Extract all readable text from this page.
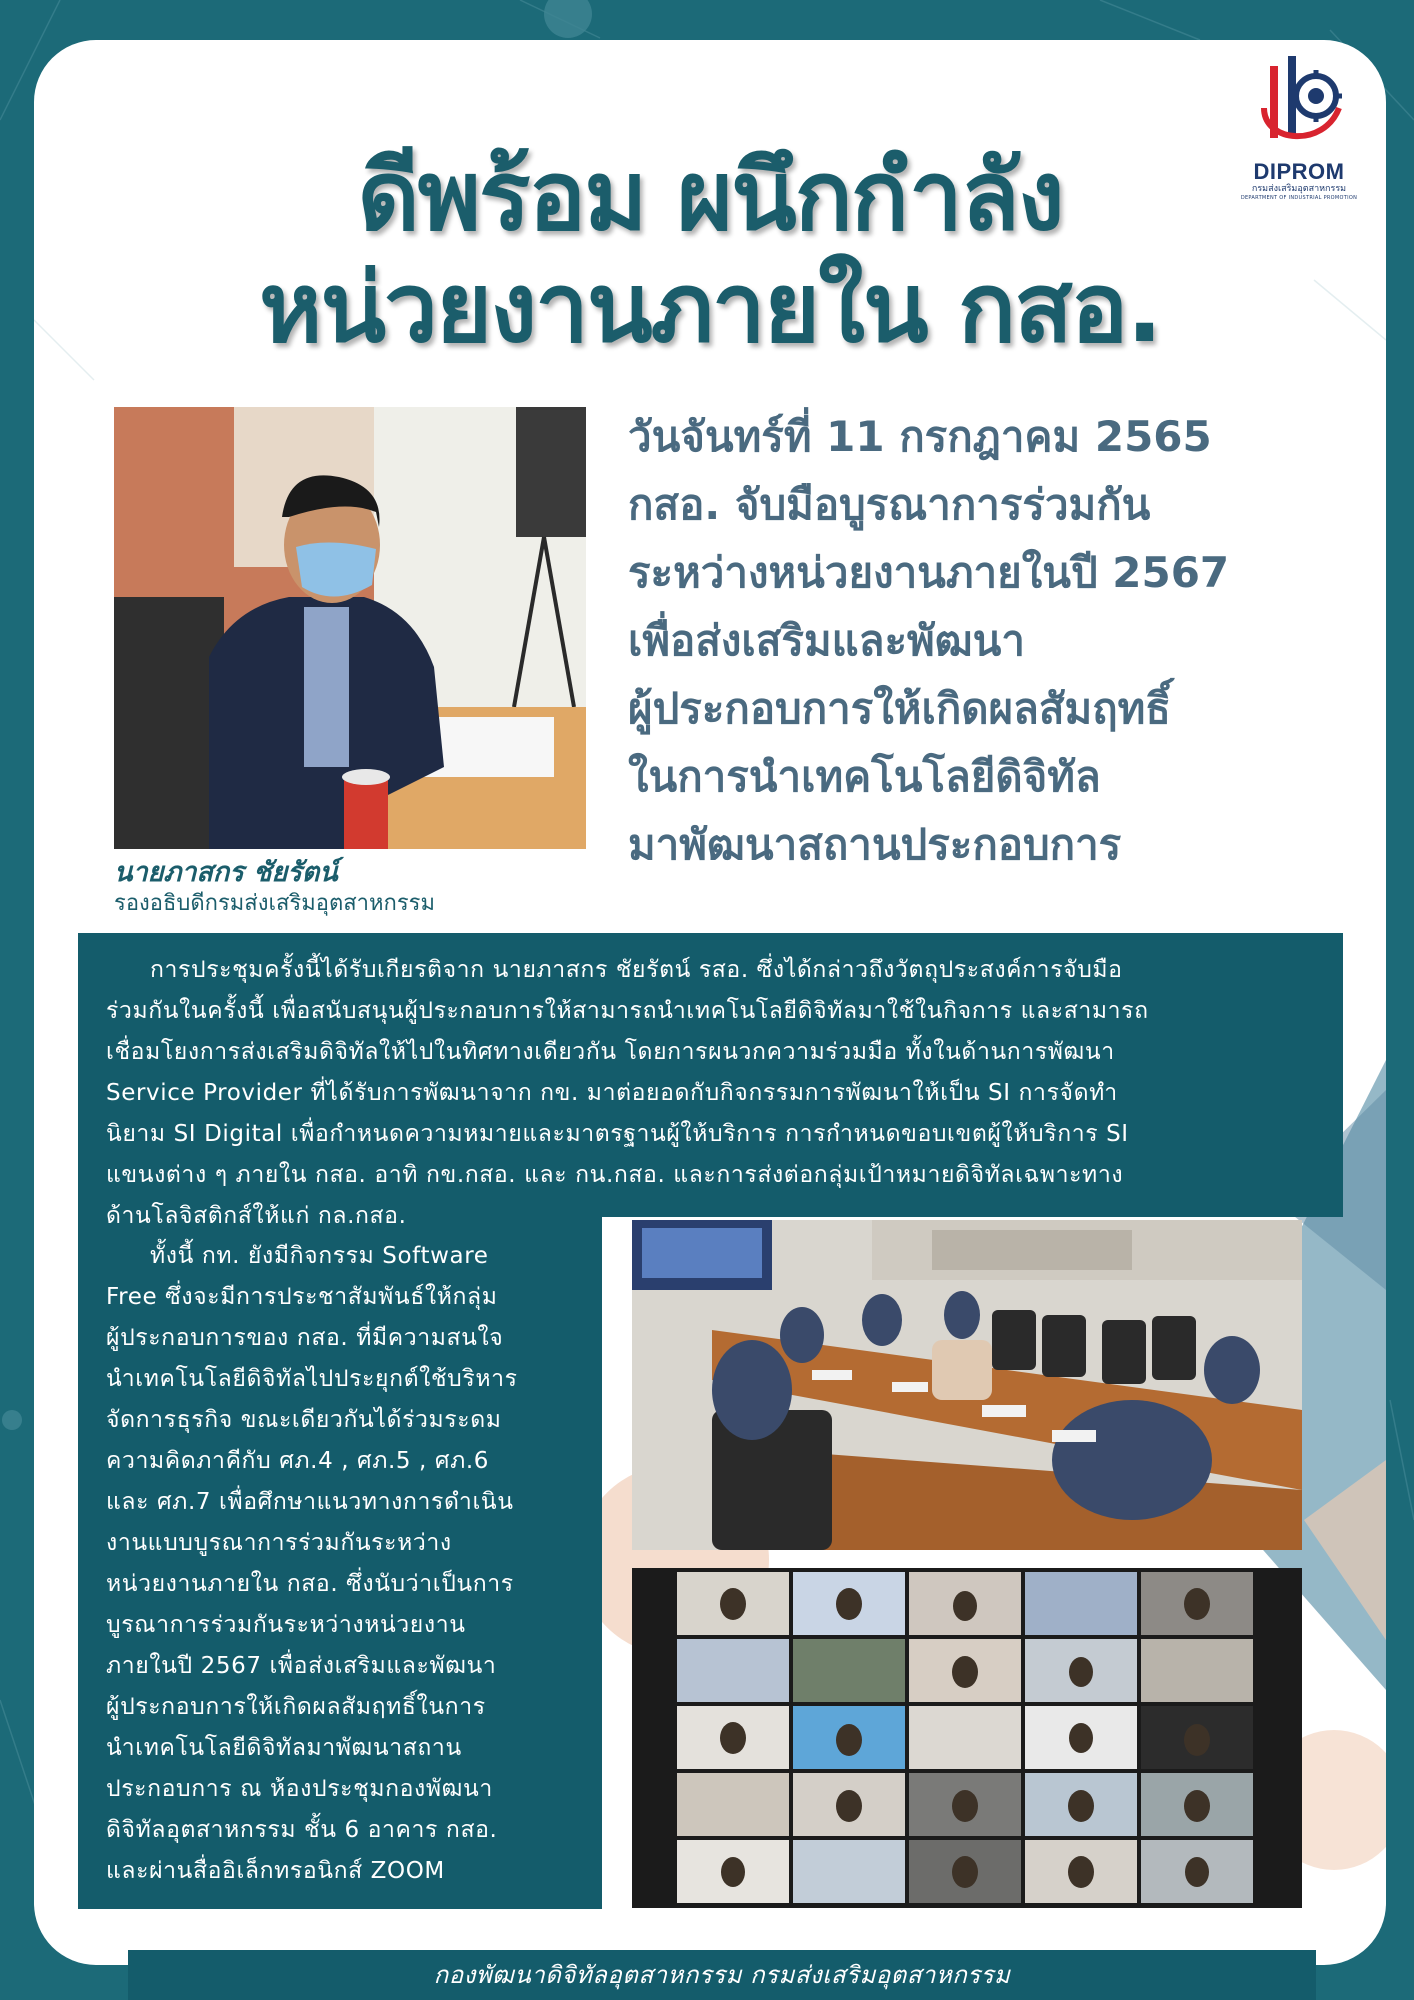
DIPROM
กรมส่งเสริมอุตสาหกรรม
DEPARTMENT OF INDUSTRIAL PROMOTION
ดีพร้อม ผนึกกำลัง
หน่วยงานภายใน กสอ.
นายภาสกร ชัยรัตน์
รองอธิบดีกรมส่งเสริมอุตสาหกรรม
วันจันทร์ที่ 11 กรกฎาคม 2565
กสอ. จับมือบูรณาการร่วมกัน
ระหว่างหน่วยงานภายในปี 2567
เพื่อส่งเสริมและพัฒนา
ผู้ประกอบการให้เกิดผลสัมฤทธิ์
ในการนำเทคโนโลยีดิจิทัล
มาพัฒนาสถานประกอบการ
การประชุมครั้งนี้ได้รับเกียรติจาก นายภาสกร ชัยรัตน์ รสอ. ซึ่งได้กล่าวถึงวัตถุประสงค์การจับมือ
ร่วมกันในครั้งนี้ เพื่อสนับสนุนผู้ประกอบการให้สามารถนำเทคโนโลยีดิจิทัลมาใช้ในกิจการ และสามารถ
เชื่อมโยงการส่งเสริมดิจิทัลให้ไปในทิศทางเดียวกัน โดยการผนวกความร่วมมือ ทั้งในด้านการพัฒนา
Service Provider ที่ได้รับการพัฒนาจาก กข. มาต่อยอดกับกิจกรรมการพัฒนาให้เป็น SI การจัดทำ
นิยาม SI Digital เพื่อกำหนดความหมายและมาตรฐานผู้ให้บริการ การกำหนดขอบเขตผู้ให้บริการ SI
แขนงต่าง ๆ ภายใน กสอ. อาทิ กข.กสอ. และ กน.กสอ. และการส่งต่อกลุ่มเป้าหมายดิจิทัลเฉพาะทาง
ด้านโลจิสติกส์ให้แก่ กล.กสอ.
ทั้งนี้ กท. ยังมีกิจกรรม Software
Free ซึ่งจะมีการประชาสัมพันธ์ให้กลุ่ม
ผู้ประกอบการของ กสอ. ที่มีความสนใจ
นำเทคโนโลยีดิจิทัลไปประยุกต์ใช้บริหาร
จัดการธุรกิจ ขณะเดียวกันได้ร่วมระดม
ความคิดภาคีกับ ศภ.4 , ศภ.5 , ศภ.6
และ ศภ.7 เพื่อศึกษาแนวทางการดำเนิน
งานแบบบูรณาการร่วมกันระหว่าง
หน่วยงานภายใน กสอ. ซึ่งนับว่าเป็นการ
บูรณาการร่วมกันระหว่างหน่วยงาน
ภายในปี 2567 เพื่อส่งเสริมและพัฒนา
ผู้ประกอบการให้เกิดผลสัมฤทธิ์ในการ
นำเทคโนโลยีดิจิทัลมาพัฒนาสถาน
ประกอบการ ณ ห้องประชุมกองพัฒนา
ดิจิทัลอุตสาหกรรม ชั้น 6 อาคาร กสอ.
และผ่านสื่ออิเล็กทรอนิกส์ ZOOM
กองพัฒนาดิจิทัลอุตสาหกรรม กรมส่งเสริมอุตสาหกรรม
